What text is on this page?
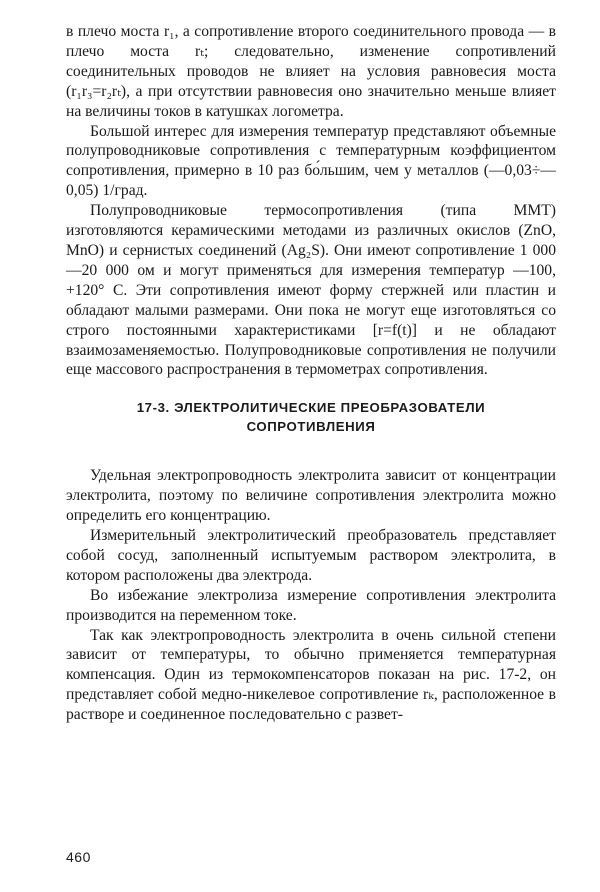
в плечо моста r₁, а сопротивление второго соединительного провода — в плечо моста rₜ; следовательно, изменение сопротивлений соединительных проводов не влияет на условия равновесия моста (r₁r₃=r₂rₜ), а при отсутствии равновесия оно значительно меньше влияет на величины токов в катушках логометра.

Большой интерес для измерения температур представляют объемные полупроводниковые сопротивления с температурным коэффициентом сопротивления, примерно в 10 раз бо́льшим, чем у металлов (—0,03÷—0,05) 1/град.

Полупроводниковые термосопротивления (типа ММТ) изготовляются керамическими методами из различных окислов (ZnO, MnO) и сернистых соединений (Ag₂S). Они имеют сопротивление 1 000—20 000 ом и могут применяться для измерения температур —100, +120° С. Эти сопротивления имеют форму стержней или пластин и обладают малыми размерами. Они пока не могут еще изготовляться со строго постоянными характеристиками [r=f(t)] и не обладают взаимозаменяемостью. Полупроводниковые сопротивления не получили еще массового распространения в термометрах сопротивления.

17-3. ЭЛЕКТРОЛИТИЧЕСКИЕ ПРЕОБРАЗОВАТЕЛИ
СОПРОТИВЛЕНИЯ

Удельная электропроводность электролита зависит от концентрации электролита, поэтому по величине сопротивления электролита можно определить его концентрацию.

Измерительный электролитический преобразователь представляет собой сосуд, заполненный испытуемым раствором электролита, в котором расположены два электрода.

Во избежание электролиза измерение сопротивления электролита производится на переменном токе.

Так как электропроводность электролита в очень сильной степени зависит от температуры, то обычно применяется температурная компенсация. Один из термокомпенсаторов показан на рис. 17-2, он представляет собой медно-никелевое сопротивление rₖ, расположенное в растворе и соединенное последовательно с развет-

460
